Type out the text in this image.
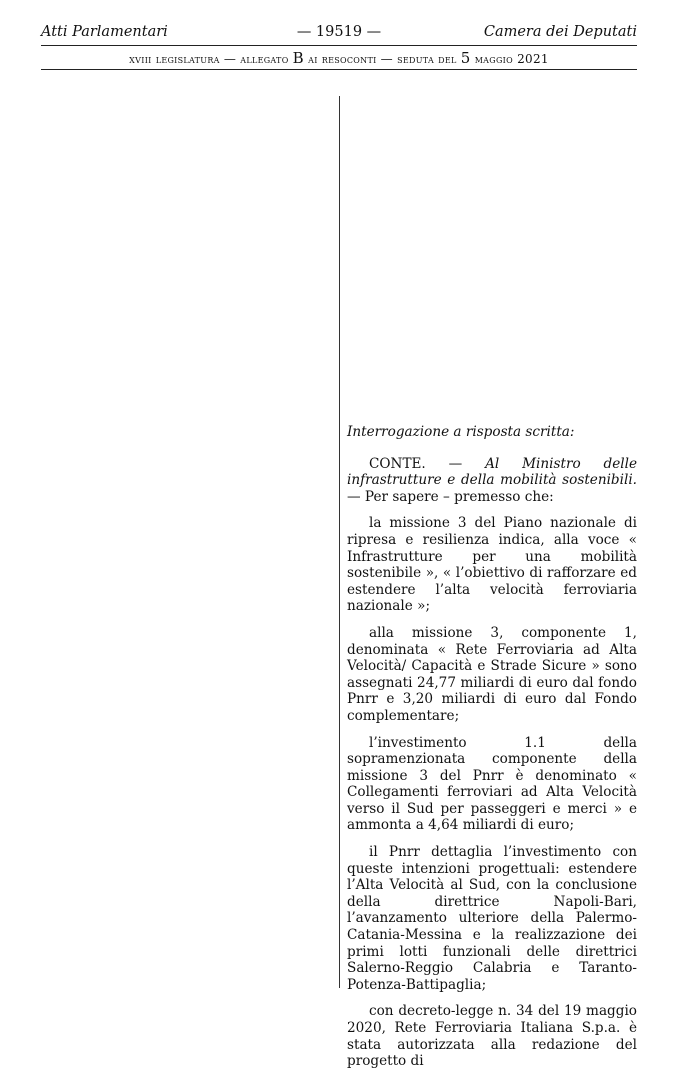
Atti Parlamentari	— 19519 —	Camera dei Deputati
xviii legislatura — allegato B ai resoconti — seduta del 5 maggio 2021

Interrogazione a risposta scritta:

CONTE. — Al Ministro delle infrastrutture e della mobilità sostenibili. — Per sapere – premesso che:

la missione 3 del Piano nazionale di ripresa e resilienza indica, alla voce « Infrastrutture per una mobilità sostenibile », « l’obiettivo di rafforzare ed estendere l’alta velocità ferroviaria nazionale »;

alla missione 3, componente 1, denominata « Rete Ferroviaria ad Alta Velocità/ Capacità e Strade Sicure » sono assegnati 24,77 miliardi di euro dal fondo Pnrr e 3,20 miliardi di euro dal Fondo complementare;

l’investimento 1.1 della sopramenzionata componente della missione 3 del Pnrr è denominato « Collegamenti ferroviari ad Alta Velocità verso il Sud per passeggeri e merci » e ammonta a 4,64 miliardi di euro;

il Pnrr dettaglia l’investimento con queste intenzioni progettuali: estendere l’Alta Velocità al Sud, con la conclusione della direttrice Napoli-Bari, l’avanzamento ulteriore della Palermo-Catania-Messina e la realizzazione dei primi lotti funzionali delle direttrici Salerno-Reggio Calabria e Taranto-Potenza-Battipaglia;

con decreto-legge n. 34 del 19 maggio 2020, Rete Ferroviaria Italiana S.p.a. è stata autorizzata alla redazione del progetto di
